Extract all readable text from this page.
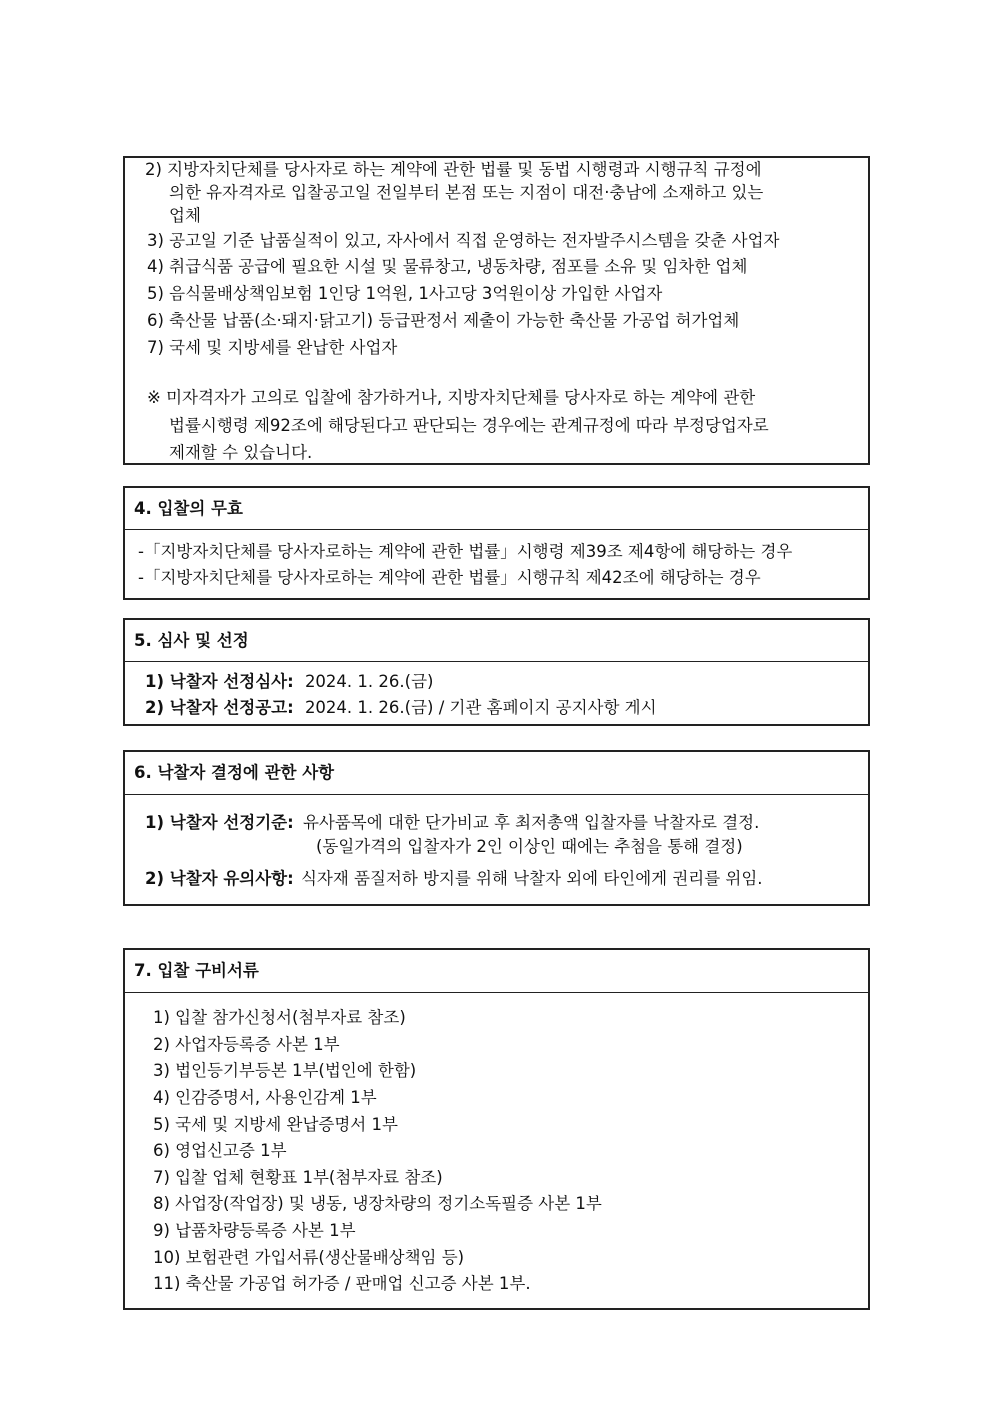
2) 지방자치단체를 당사자로 하는 계약에 관한 법률 및 동법 시행령과 시행규칙 규정에
의한 유자격자로 입찰공고일 전일부터 본점 또는 지점이 대전·충남에 소재하고 있는
업체
3) 공고일 기준 납품실적이 있고, 자사에서 직접 운영하는 전자발주시스템을 갖춘 사업자
4) 취급식품 공급에 필요한 시설 및 물류창고, 냉동차량, 점포를 소유 및 임차한 업체
5) 음식물배상책임보험 1인당 1억원, 1사고당 3억원이상 가입한 사업자
6) 축산물 납품(소·돼지·닭고기) 등급판정서 제출이 가능한 축산물 가공업 허가업체
7) 국세 및 지방세를 완납한 사업자
※ 미자격자가 고의로 입찰에 참가하거나, 지방자치단체를 당사자로 하는 계약에 관한
법률시행령 제92조에 해당된다고 판단되는 경우에는 관계규정에 따라 부정당업자로
제재할 수 있습니다.
4. 입찰의 무효
-「지방자치단체를 당사자로하는 계약에 관한 법률」시행령 제39조 제4항에 해당하는 경우
-「지방자치단체를 당사자로하는 계약에 관한 법률」시행규칙 제42조에 해당하는 경우
5. 심사 및 선정
1) 낙찰자 선정심사: 2024. 1. 26.(금)
2) 낙찰자 선정공고: 2024. 1. 26.(금) / 기관 홈페이지 공지사항 게시
6. 낙찰자 결정에 관한 사항
1) 낙찰자 선정기준: 유사품목에 대한 단가비교 후 최저총액 입찰자를 낙찰자로 결정.
(동일가격의 입찰자가 2인 이상인 때에는 추첨을 통해 결정)
2) 낙찰자 유의사항: 식자재 품질저하 방지를 위해 낙찰자 외에 타인에게 권리를 위임.
7. 입찰 구비서류
1) 입찰 참가신청서(첨부자료 참조)
2) 사업자등록증 사본 1부
3) 법인등기부등본 1부(법인에 한함)
4) 인감증명서, 사용인감계 1부
5) 국세 및 지방세 완납증명서 1부
6) 영업신고증 1부
7) 입찰 업체 현황표 1부(첨부자료 참조)
8) 사업장(작업장) 및 냉동, 냉장차량의 정기소독필증 사본 1부
9) 납품차량등록증 사본 1부
10) 보험관련 가입서류(생산물배상책임 등)
11) 축산물 가공업 허가증 / 판매업 신고증 사본 1부.
